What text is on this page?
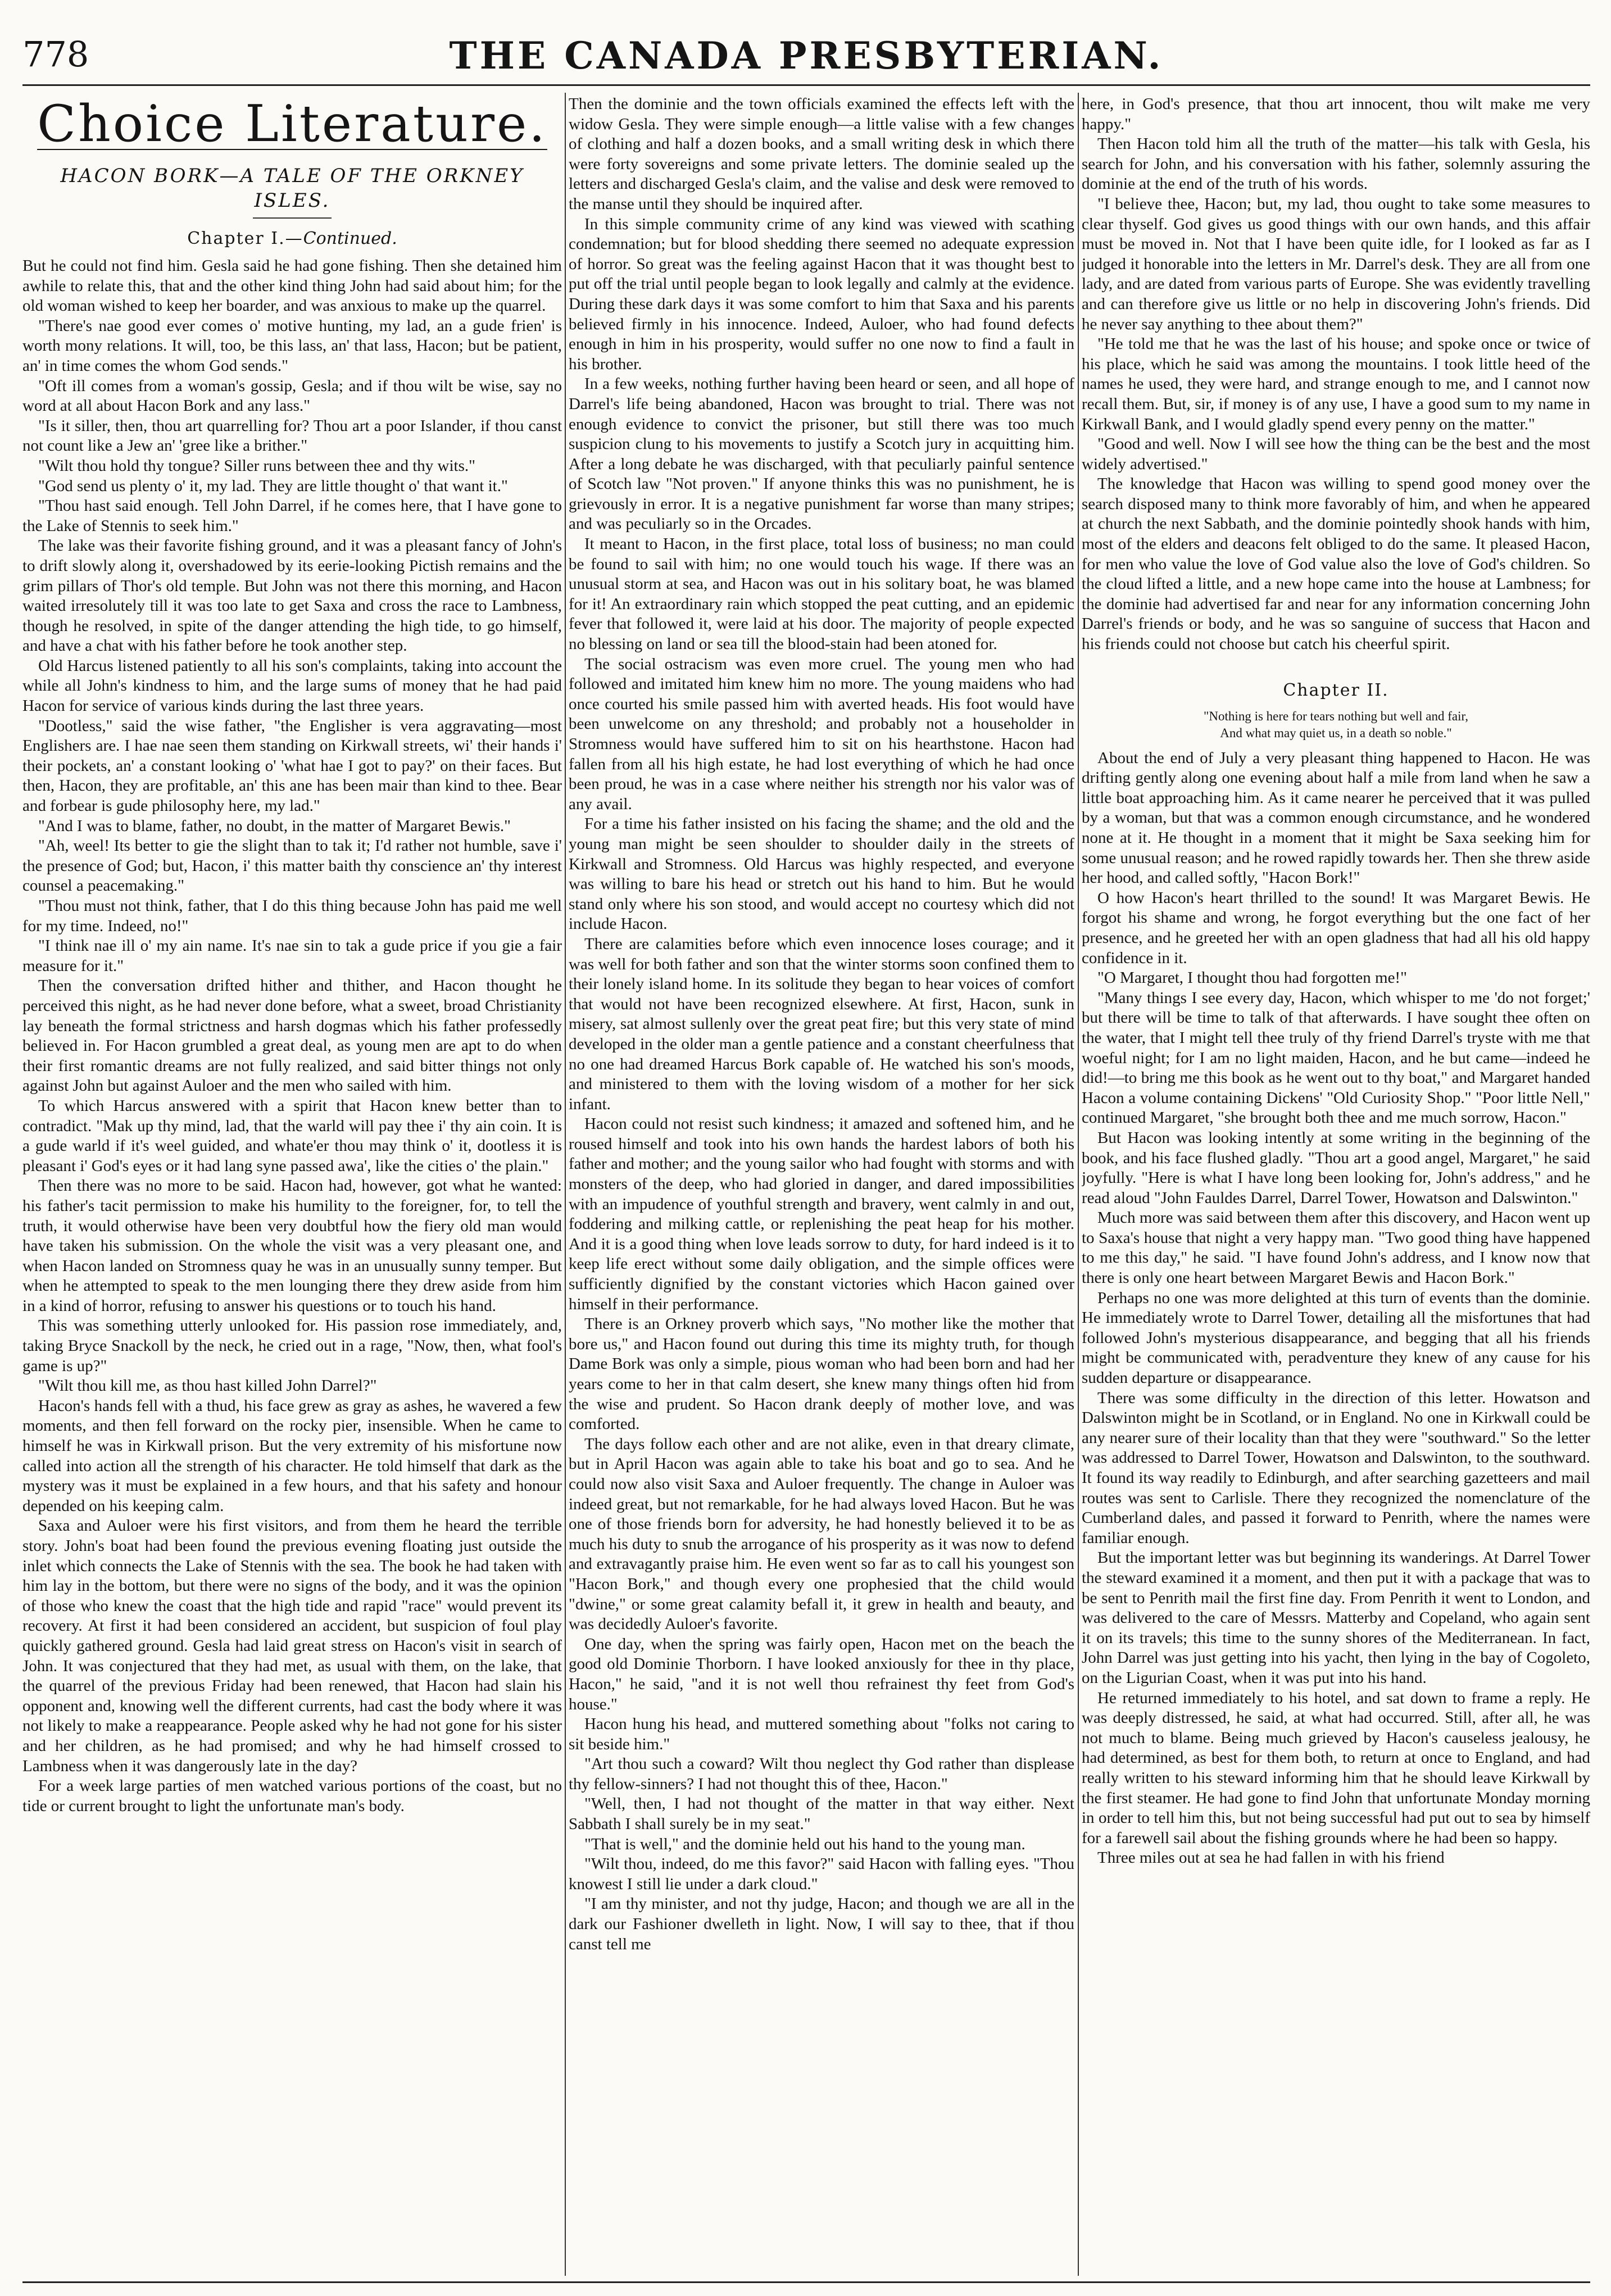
778	THE CANADA PRESBYTERIAN.
Choice Literature.
HACON BORK—A TALE OF THE ORKNEY
ISLES.
Chapter I.—Continued.

But he could not find him. Gesla said he had gone fishing. Then she detained him awhile to relate this, that and the other kind thing John had said about him; for the old woman wished to keep her boarder, and was anxious to make up the quarrel.

"There's nae good ever comes o' motive hunting, my lad, an a gude frien' is worth mony relations. It will, too, be this lass, an' that lass, Hacon; but be patient, an' in time comes the whom God sends."

"Oft ill comes from a woman's gossip, Gesla; and if thou wilt be wise, say no word at all about Hacon Bork and any lass."

"Is it siller, then, thou art quarrelling for? Thou art a poor Islander, if thou canst not count like a Jew an' 'gree like a brither."

"Wilt thou hold thy tongue? Siller runs between thee and thy wits."

"God send us plenty o' it, my lad. They are little thought o' that want it."

"Thou hast said enough. Tell John Darrel, if he comes here, that I have gone to the Lake of Stennis to seek him."

The lake was their favorite fishing ground, and it was a pleasant fancy of John's to drift slowly along it, overshadowed by its eerie-looking Pictish remains and the grim pillars of Thor's old temple. But John was not there this morning, and Hacon waited irresolutely till it was too late to get Saxa and cross the race to Lambness, though he resolved, in spite of the danger attending the high tide, to go himself, and have a chat with his father before he took another step.

Old Harcus listened patiently to all his son's complaints, taking into account the while all John's kindness to him, and the large sums of money that he had paid Hacon for service of various kinds during the last three years.

"Dootless," said the wise father, "the Englisher is vera aggravating—most Englishers are. I hae nae seen them standing on Kirkwall streets, wi' their hands i' their pockets, an' a constant looking o' 'what hae I got to pay?' on their faces. But then, Hacon, they are profitable, an' this ane has been mair than kind to thee. Bear and forbear is gude philosophy here, my lad."

"And I was to blame, father, no doubt, in the matter of Margaret Bewis."

"Ah, weel! Its better to gie the slight than to tak it; I'd rather not humble, save i' the presence of God; but, Hacon, i' this matter baith thy conscience an' thy interest counsel a peacemaking."

"Thou must not think, father, that I do this thing because John has paid me well for my time. Indeed, no!"

"I think nae ill o' my ain name. It's nae sin to tak a gude price if you gie a fair measure for it."

Then the conversation drifted hither and thither, and Hacon thought he perceived this night, as he had never done before, what a sweet, broad Christianity lay beneath the formal strictness and harsh dogmas which his father professedly believed in. For Hacon grumbled a great deal, as young men are apt to do when their first romantic dreams are not fully realized, and said bitter things not only against John but against Auloer and the men who sailed with him.

To which Harcus answered with a spirit that Hacon knew better than to contradict. "Mak up thy mind, lad, that the warld will pay thee i' thy ain coin. It is a gude warld if it's weel guided, and whate'er thou may think o' it, dootless it is pleasant i' God's eyes or it had lang syne passed awa', like the cities o' the plain."

Then there was no more to be said. Hacon had, however, got what he wanted: his father's tacit permission to make his humility to the foreigner, for, to tell the truth, it would otherwise have been very doubtful how the fiery old man would have taken his submission. On the whole the visit was a very pleasant one, and when Hacon landed on Stromness quay he was in an unusually sunny temper. But when he attempted to speak to the men lounging there they drew aside from him in a kind of horror, refusing to answer his questions or to touch his hand.

This was something utterly unlooked for. His passion rose immediately, and, taking Bryce Snackoll by the neck, he cried out in a rage, "Now, then, what fool's game is up?"

"Wilt thou kill me, as thou hast killed John Darrel?"

Hacon's hands fell with a thud, his face grew as gray as ashes, he wavered a few moments, and then fell forward on the rocky pier, insensible. When he came to himself he was in Kirkwall prison. But the very extremity of his misfortune now called into action all the strength of his character. He told himself that dark as the mystery was it must be explained in a few hours, and that his safety and honour depended on his keeping calm.

Saxa and Auloer were his first visitors, and from them he heard the terrible story. John's boat had been found the previous evening floating just outside the inlet which connects the Lake of Stennis with the sea. The book he had taken with him lay in the bottom, but there were no signs of the body, and it was the opinion of those who knew the coast that the high tide and rapid "race" would prevent its recovery. At first it had been considered an accident, but suspicion of foul play quickly gathered ground. Gesla had laid great stress on Hacon's visit in search of John. It was conjectured that they had met, as usual with them, on the lake, that the quarrel of the previous Friday had been renewed, that Hacon had slain his opponent and, knowing well the different currents, had cast the body where it was not likely to make a reappearance. People asked why he had not gone for his sister and her children, as he had promised; and why he had himself crossed to Lambness when it was dangerously late in the day?

For a week large parties of men watched various portions of the coast, but no tide or current brought to light the unfortunate man's body.

Then the dominie and the town officials examined the effects left with the widow Gesla. They were simple enough—a little valise with a few changes of clothing and half a dozen books, and a small writing desk in which there were forty sovereigns and some private letters. The dominie sealed up the letters and discharged Gesla's claim, and the valise and desk were removed to the manse until they should be inquired after.

In this simple community crime of any kind was viewed with scathing condemnation; but for blood shedding there seemed no adequate expression of horror. So great was the feeling against Hacon that it was thought best to put off the trial until people began to look legally and calmly at the evidence. During these dark days it was some comfort to him that Saxa and his parents believed firmly in his innocence. Indeed, Auloer, who had found defects enough in him in his prosperity, would suffer no one now to find a fault in his brother.

In a few weeks, nothing further having been heard or seen, and all hope of Darrel's life being abandoned, Hacon was brought to trial. There was not enough evidence to convict the prisoner, but still there was too much suspicion clung to his movements to justify a Scotch jury in acquitting him. After a long debate he was discharged, with that peculiarly painful sentence of Scotch law "Not proven." If anyone thinks this was no punishment, he is grievously in error. It is a negative punishment far worse than many stripes; and was peculiarly so in the Orcades.

It meant to Hacon, in the first place, total loss of business; no man could be found to sail with him; no one would touch his wage. If there was an unusual storm at sea, and Hacon was out in his solitary boat, he was blamed for it! An extraordinary rain which stopped the peat cutting, and an epidemic fever that followed it, were laid at his door. The majority of people expected no blessing on land or sea till the blood-stain had been atoned for.

The social ostracism was even more cruel. The young men who had followed and imitated him knew him no more. The young maidens who had once courted his smile passed him with averted heads. His foot would have been unwelcome on any threshold; and probably not a householder in Stromness would have suffered him to sit on his hearthstone. Hacon had fallen from all his high estate, he had lost everything of which he had once been proud, he was in a case where neither his strength nor his valor was of any avail.

For a time his father insisted on his facing the shame; and the old and the young man might be seen shoulder to shoulder daily in the streets of Kirkwall and Stromness. Old Harcus was highly respected, and everyone was willing to bare his head or stretch out his hand to him. But he would stand only where his son stood, and would accept no courtesy which did not include Hacon.

There are calamities before which even innocence loses courage; and it was well for both father and son that the winter storms soon confined them to their lonely island home. In its solitude they began to hear voices of comfort that would not have been recognized elsewhere. At first, Hacon, sunk in misery, sat almost sullenly over the great peat fire; but this very state of mind developed in the older man a gentle patience and a constant cheerfulness that no one had dreamed Harcus Bork capable of. He watched his son's moods, and ministered to them with the loving wisdom of a mother for her sick infant.

Hacon could not resist such kindness; it amazed and softened him, and he roused himself and took into his own hands the hardest labors of both his father and mother; and the young sailor who had fought with storms and with monsters of the deep, who had gloried in danger, and dared impossibilities with an impudence of youthful strength and bravery, went calmly in and out, foddering and milking cattle, or replenishing the peat heap for his mother. And it is a good thing when love leads sorrow to duty, for hard indeed is it to keep life erect without some daily obligation, and the simple offices were sufficiently dignified by the constant victories which Hacon gained over himself in their performance.

There is an Orkney proverb which says, "No mother like the mother that bore us," and Hacon found out during this time its mighty truth, for though Dame Bork was only a simple, pious woman who had been born and had her years come to her in that calm desert, she knew many things often hid from the wise and prudent. So Hacon drank deeply of mother love, and was comforted.

The days follow each other and are not alike, even in that dreary climate, but in April Hacon was again able to take his boat and go to sea. And he could now also visit Saxa and Auloer frequently. The change in Auloer was indeed great, but not remarkable, for he had always loved Hacon. But he was one of those friends born for adversity, he had honestly believed it to be as much his duty to snub the arrogance of his prosperity as it was now to defend and extravagantly praise him. He even went so far as to call his youngest son "Hacon Bork," and though every one prophesied that the child would "dwine," or some great calamity befall it, it grew in health and beauty, and was decidedly Auloer's favorite.

One day, when the spring was fairly open, Hacon met on the beach the good old Dominie Thorborn. I have looked anxiously for thee in thy place, Hacon," he said, "and it is not well thou refrainest thy feet from God's house."

Hacon hung his head, and muttered something about "folks not caring to sit beside him."

"Art thou such a coward? Wilt thou neglect thy God rather than displease thy fellow-sinners? I had not thought this of thee, Hacon."

"Well, then, I had not thought of the matter in that way either. Next Sabbath I shall surely be in my seat."

"That is well," and the dominie held out his hand to the young man.

"Wilt thou, indeed, do me this favor?" said Hacon with falling eyes. "Thou knowest I still lie under a dark cloud."

"I am thy minister, and not thy judge, Hacon; and though we are all in the dark our Fashioner dwelleth in light. Now, I will say to thee, that if thou canst tell me

here, in God's presence, that thou art innocent, thou wilt make me very happy."

Then Hacon told him all the truth of the matter—his talk with Gesla, his search for John, and his conversation with his father, solemnly assuring the dominie at the end of the truth of his words.

"I believe thee, Hacon; but, my lad, thou ought to take some measures to clear thyself. God gives us good things with our own hands, and this affair must be moved in. Not that I have been quite idle, for I looked as far as I judged it honorable into the letters in Mr. Darrel's desk. They are all from one lady, and are dated from various parts of Europe. She was evidently travelling and can therefore give us little or no help in discovering John's friends. Did he never say anything to thee about them?"

"He told me that he was the last of his house; and spoke once or twice of his place, which he said was among the mountains. I took little heed of the names he used, they were hard, and strange enough to me, and I cannot now recall them. But, sir, if money is of any use, I have a good sum to my name in Kirkwall Bank, and I would gladly spend every penny on the matter."

"Good and well. Now I will see how the thing can be the best and the most widely advertised."

The knowledge that Hacon was willing to spend good money over the search disposed many to think more favorably of him, and when he appeared at church the next Sabbath, and the dominie pointedly shook hands with him, most of the elders and deacons felt obliged to do the same. It pleased Hacon, for men who value the love of God value also the love of God's children. So the cloud lifted a little, and a new hope came into the house at Lambness; for the dominie had advertised far and near for any information concerning John Darrel's friends or body, and he was so sanguine of success that Hacon and his friends could not choose but catch his cheerful spirit.

Chapter II.

"Nothing is here for tears nothing but well and fair,

And what may quiet us, in a death so noble."

About the end of July a very pleasant thing happened to Hacon. He was drifting gently along one evening about half a mile from land when he saw a little boat approaching him. As it came nearer he perceived that it was pulled by a woman, but that was a common enough circumstance, and he wondered none at it. He thought in a moment that it might be Saxa seeking him for some unusual reason; and he rowed rapidly towards her. Then she threw aside her hood, and called softly, "Hacon Bork!"

O how Hacon's heart thrilled to the sound! It was Margaret Bewis. He forgot his shame and wrong, he forgot everything but the one fact of her presence, and he greeted her with an open gladness that had all his old happy confidence in it.

"O Margaret, I thought thou had forgotten me!"

"Many things I see every day, Hacon, which whisper to me 'do not forget;' but there will be time to talk of that afterwards. I have sought thee often on the water, that I might tell thee truly of thy friend Darrel's tryste with me that woeful night; for I am no light maiden, Hacon, and he but came—indeed he did!—to bring me this book as he went out to thy boat," and Margaret handed Hacon a volume containing Dickens' "Old Curiosity Shop." "Poor little Nell," continued Margaret, "she brought both thee and me much sorrow, Hacon."

But Hacon was looking intently at some writing in the beginning of the book, and his face flushed gladly. "Thou art a good angel, Margaret," he said joyfully. "Here is what I have long been looking for, John's address," and he read aloud "John Fauldes Darrel, Darrel Tower, Howatson and Dalswinton."

Much more was said between them after this discovery, and Hacon went up to Saxa's house that night a very happy man. "Two good thing have happened to me this day," he said. "I have found John's address, and I know now that there is only one heart between Margaret Bewis and Hacon Bork."

Perhaps no one was more delighted at this turn of events than the dominie. He immediately wrote to Darrel Tower, detailing all the misfortunes that had followed John's mysterious disappearance, and begging that all his friends might be communicated with, peradventure they knew of any cause for his sudden departure or disappearance.

There was some difficulty in the direction of this letter. Howatson and Dalswinton might be in Scotland, or in England. No one in Kirkwall could be any nearer sure of their locality than that they were "southward." So the letter was addressed to Darrel Tower, Howatson and Dalswinton, to the southward. It found its way readily to Edinburgh, and after searching gazetteers and mail routes was sent to Carlisle. There they recognized the nomenclature of the Cumberland dales, and passed it forward to Penrith, where the names were familiar enough.

But the important letter was but beginning its wanderings. At Darrel Tower the steward examined it a moment, and then put it with a package that was to be sent to Penrith mail the first fine day. From Penrith it went to London, and was delivered to the care of Messrs. Matterby and Copeland, who again sent it on its travels; this time to the sunny shores of the Mediterranean. In fact, John Darrel was just getting into his yacht, then lying in the bay of Cogoleto, on the Ligurian Coast, when it was put into his hand.

He returned immediately to his hotel, and sat down to frame a reply. He was deeply distressed, he said, at what had occurred. Still, after all, he was not much to blame. Being much grieved by Hacon's causeless jealousy, he had determined, as best for them both, to return at once to England, and had really written to his steward informing him that he should leave Kirkwall by the first steamer. He had gone to find John that unfortunate Monday morning in order to tell him this, but not being successful had put out to sea by himself for a farewell sail about the fishing grounds where he had been so happy.

Three miles out at sea he had fallen in with his friend
